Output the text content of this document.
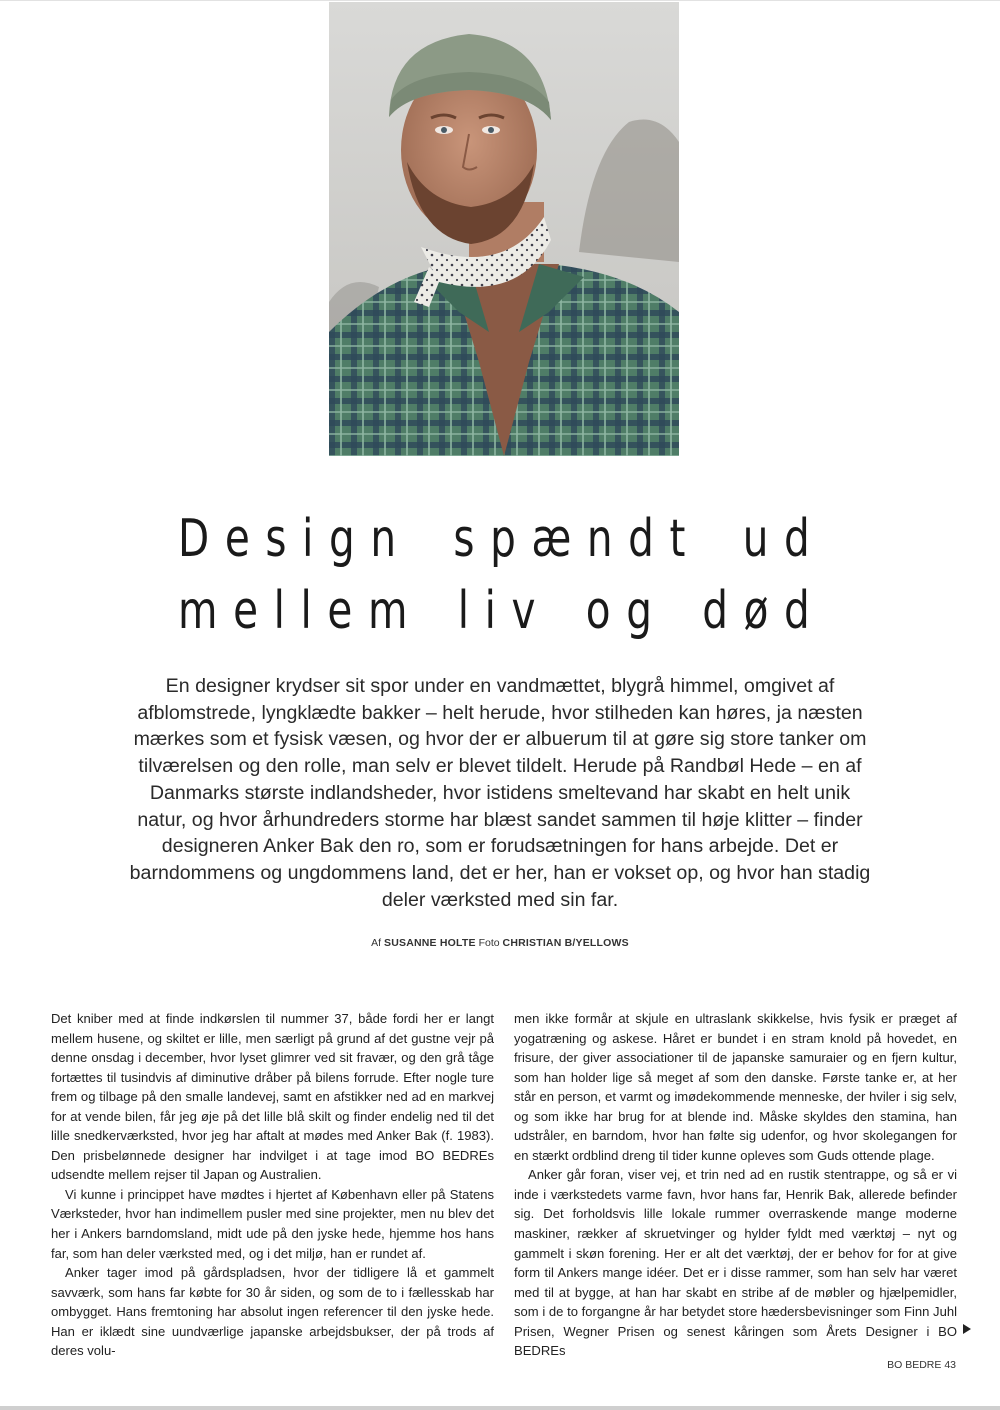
Design spændt ud
mellem liv og død

En designer krydser sit spor under en vandmættet, blygrå himmel, omgivet af afblomstrede, lyngklædte bakker – helt herude, hvor stilheden kan høres, ja næsten mærkes som et fysisk væsen, og hvor der er albuerum til at gøre sig store tanker om tilværelsen og den rolle, man selv er blevet tildelt. Herude på Randbøl Hede – en af Danmarks største indlandsheder, hvor istidens smeltevand har skabt en helt unik natur, og hvor århundreders storme har blæst sandet sammen til høje klitter – finder designeren Anker Bak den ro, som er forudsætningen for hans arbejde. Det er barndommens og ungdommens land, det er her, han er vokset op, og hvor han stadig deler værksted med sin far.

Af SUSANNE HOLTE Foto CHRISTIAN B/YELLOWS

Det kniber med at finde indkørslen til nummer 37, både fordi her er langt mellem husene, og skiltet er lille, men særligt på grund af det gustne vejr på denne onsdag i december, hvor lyset glimrer ved sit fravær, og den grå tåge fortættes til tusindvis af diminutive dråber på bilens forrude. Efter nogle ture frem og tilbage på den smalle landevej, samt en afstikker ned ad en markvej for at vende bilen, får jeg øje på det lille blå skilt og finder endelig ned til det lille snedkerværksted, hvor jeg har aftalt at mødes med Anker Bak (f. 1983). Den prisbelønnede designer har indvilget i at tage imod BO BEDREs udsendte mellem rejser til Japan og Australien.

Vi kunne i princippet have mødtes i hjertet af København eller på Statens Værksteder, hvor han indimellem pusler med sine projekter, men nu blev det her i Ankers barndomsland, midt ude på den jyske hede, hjemme hos hans far, som han deler værksted med, og i det miljø, han er rundet af.

Anker tager imod på gårdspladsen, hvor der tidligere lå et gammelt savværk, som hans far købte for 30 år siden, og som de to i fællesskab har ombygget. Hans fremtoning har absolut ingen referencer til den jyske hede. Han er iklædt sine uundværlige japanske arbejdsbukser, der på trods af deres volu-

men ikke formår at skjule en ultraslank skikkelse, hvis fysik er præget af yogatræning og askese. Håret er bundet i en stram knold på hovedet, en frisure, der giver associationer til de japanske samuraier og en fjern kultur, som han holder lige så meget af som den danske. Første tanke er, at her står en person, et varmt og imødekommende menneske, der hviler i sig selv, og som ikke har brug for at blende ind. Måske skyldes den stamina, han udstråler, en barndom, hvor han følte sig udenfor, og hvor skolegangen for en stærkt ordblind dreng til tider kunne opleves som Guds ottende plage.

Anker går foran, viser vej, et trin ned ad en rustik stentrappe, og så er vi inde i værkstedets varme favn, hvor hans far, Henrik Bak, allerede befinder sig. Det forholdsvis lille lokale rummer overraskende mange moderne maskiner, rækker af skruetvinger og hylder fyldt med værktøj – nyt og gammelt i skøn forening. Her er alt det værktøj, der er behov for for at give form til Ankers mange idéer. Det er i disse rammer, som han selv har været med til at bygge, at han har skabt en stribe af de møbler og hjælpemidler, som i de to forgangne år har betydet store hædersbevisninger som Finn Juhl Prisen, Wegner Prisen og senest kåringen som Årets Designer i BO BEDREs

BO BEDRE 43
